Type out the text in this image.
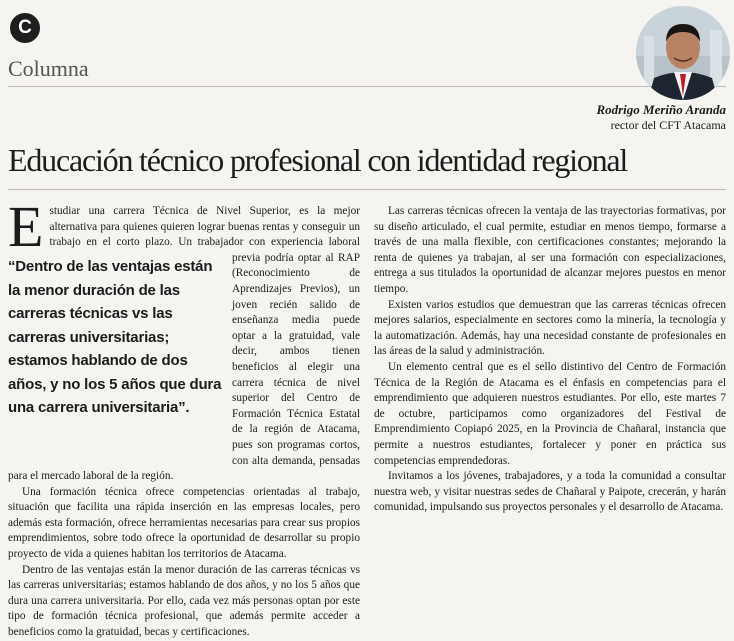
C
Columna
Rodrigo Meriño Aranda
rector del CFT Atacama
Educación técnico profesional con identidad regional
E
“Dentro de las ventajas están la menor duración de las carreras técnicas vs las carreras universitarias; estamos hablando de dos años, y no los 5 años que dura una carrera universitaria”.

studiar una carrera Técnica de Nivel Superior, es la mejor alternativa para quienes quieren lograr buenas rentas y conseguir un trabajo en el corto plazo. Un trabajador con experiencia laboral previa podría optar al RAP (Reconocimiento de Aprendizajes Previos), un joven recién salido de enseñanza media puede optar a la gratuidad, vale decir, ambos tienen beneficios al elegir una carrera técnica de nivel superior del Centro de Formación Técnica Estatal de la región de Atacama, pues son programas cortos, con alta demanda, pensadas para el mercado laboral de la región.

Una formación técnica ofrece competencias orientadas al trabajo, situación que facilita una rápida inserción en las empresas locales, pero además esta formación, ofrece herramientas necesarias para crear sus propios emprendimientos, sobre todo ofrece la oportunidad de desarrollar su propio proyecto de vida a quienes habitan los territorios de Atacama.

Dentro de las ventajas están la menor duración de las carreras técnicas vs las carreras universitarias; estamos hablando de dos años, y no los 5 años que dura una carrera universitaria. Por ello, cada vez más personas optan por este tipo de formación técnica profesional, que además permite acceder a beneficios como la gratuidad, becas y certificaciones.

Las carreras técnicas ofrecen la ventaja de las trayectorias formativas, por su diseño articulado, el cual permite, estudiar en menos tiempo, formarse a través de una malla flexible, con certificaciones constantes; mejorando la renta de quienes ya trabajan, al ser una formación con especializaciones, entrega a sus titulados la oportunidad de alcanzar mejores puestos en menor tiempo.

Existen varios estudios que demuestran que las carreras técnicas ofrecen mejores salarios, especialmente en sectores como la minería, la tecnología y la automatización. Además, hay una necesidad constante de profesionales en las áreas de la salud y administración.

Un elemento central que es el sello distintivo del Centro de Formación Técnica de la Región de Atacama es el énfasis en competencias para el emprendimiento que adquieren nuestros estudiantes. Por ello, este martes 7 de octubre, participamos como organizadores del Festival de Emprendimiento Copiapó 2025, en la Provincia de Chañaral, instancia que permite a nuestros estudiantes, fortalecer y poner en práctica sus competencias emprendedoras.

Invitamos a los jóvenes, trabajadores, y a toda la comunidad a consultar nuestra web, y visitar nuestras sedes de Chañaral y Paipote, crecerán, y harán comunidad, impulsando sus proyectos personales y el desarrollo de Atacama.
